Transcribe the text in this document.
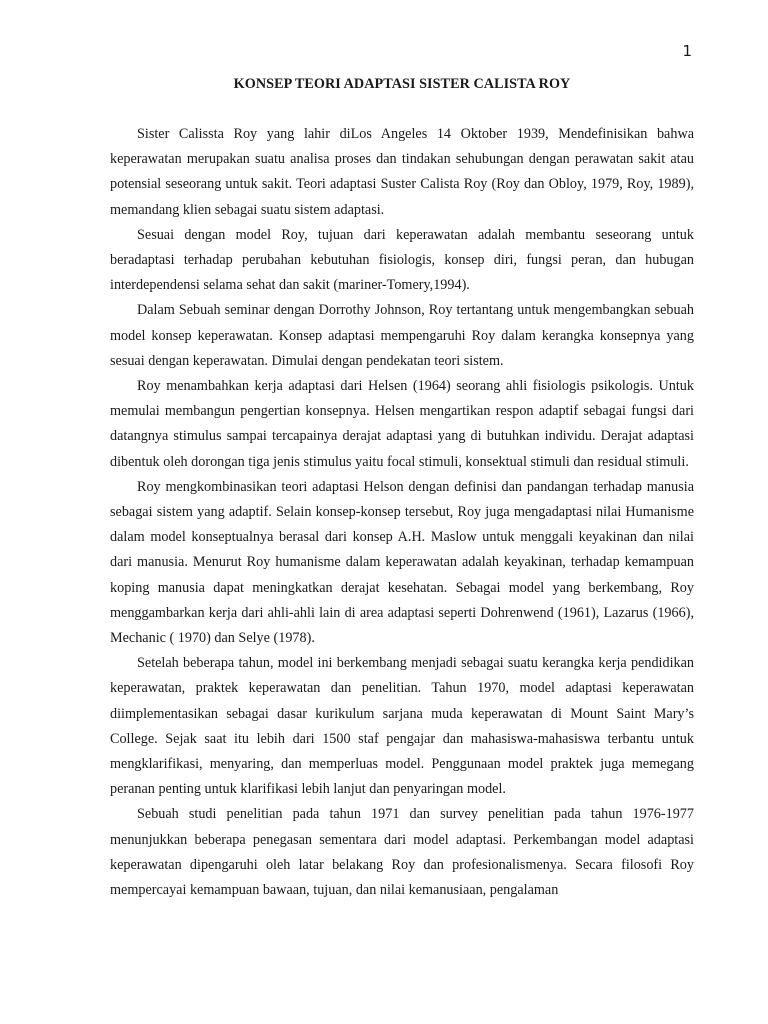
1
KONSEP TEORI ADAPTASI SISTER CALISTA ROY

Sister Calissta Roy yang lahir diLos Angeles 14 Oktober 1939, Mendefinisikan bahwa keperawatan merupakan suatu analisa proses dan tindakan sehubungan dengan perawatan sakit atau potensial seseorang untuk sakit. Teori adaptasi Suster Calista Roy (Roy dan Obloy, 1979, Roy, 1989), memandang klien sebagai suatu sistem adaptasi.

Sesuai dengan model Roy, tujuan dari keperawatan adalah membantu seseorang untuk beradaptasi terhadap perubahan kebutuhan fisiologis, konsep diri, fungsi peran, dan hubugan interdependensi selama sehat dan sakit (mariner-Tomery,1994).

Dalam Sebuah seminar dengan Dorrothy Johnson, Roy tertantang untuk mengembangkan sebuah model konsep keperawatan. Konsep adaptasi mempengaruhi Roy dalam kerangka konsepnya yang sesuai dengan keperawatan. Dimulai dengan pendekatan teori sistem.

Roy menambahkan kerja adaptasi dari Helsen (1964) seorang ahli fisiologis psikologis. Untuk memulai membangun pengertian konsepnya. Helsen mengartikan respon adaptif sebagai fungsi dari datangnya stimulus sampai tercapainya derajat adaptasi yang di butuhkan individu. Derajat adaptasi dibentuk oleh dorongan tiga jenis stimulus yaitu focal stimuli, konsektual stimuli dan residual stimuli.

Roy mengkombinasikan teori adaptasi Helson dengan definisi dan pandangan terhadap manusia sebagai sistem yang adaptif. Selain konsep-konsep tersebut, Roy juga mengadaptasi nilai Humanisme dalam model konseptualnya berasal dari konsep A.H. Maslow untuk menggali keyakinan dan nilai dari manusia. Menurut Roy humanisme dalam keperawatan adalah keyakinan, terhadap kemampuan koping manusia dapat meningkatkan derajat kesehatan. Sebagai model yang berkembang, Roy menggambarkan kerja dari ahli-ahli lain di area adaptasi seperti Dohrenwend (1961), Lazarus (1966), Mechanic ( 1970) dan Selye (1978).

Setelah beberapa tahun, model ini berkembang menjadi sebagai suatu kerangka kerja pendidikan keperawatan, praktek keperawatan dan penelitian. Tahun 1970, model adaptasi keperawatan diimplementasikan sebagai dasar kurikulum sarjana muda keperawatan di Mount Saint Mary’s College. Sejak saat itu lebih dari 1500 staf pengajar dan mahasiswa-mahasiswa terbantu untuk mengklarifikasi, menyaring, dan memperluas model. Penggunaan model praktek juga memegang peranan penting untuk klarifikasi lebih lanjut dan penyaringan model.

Sebuah studi penelitian pada tahun 1971 dan survey penelitian pada tahun 1976-1977 menunjukkan beberapa penegasan sementara dari model adaptasi. Perkembangan model adaptasi keperawatan dipengaruhi oleh latar belakang Roy dan profesionalismenya. Secara filosofi Roy mempercayai kemampuan bawaan, tujuan, dan nilai kemanusiaan, pengalaman
